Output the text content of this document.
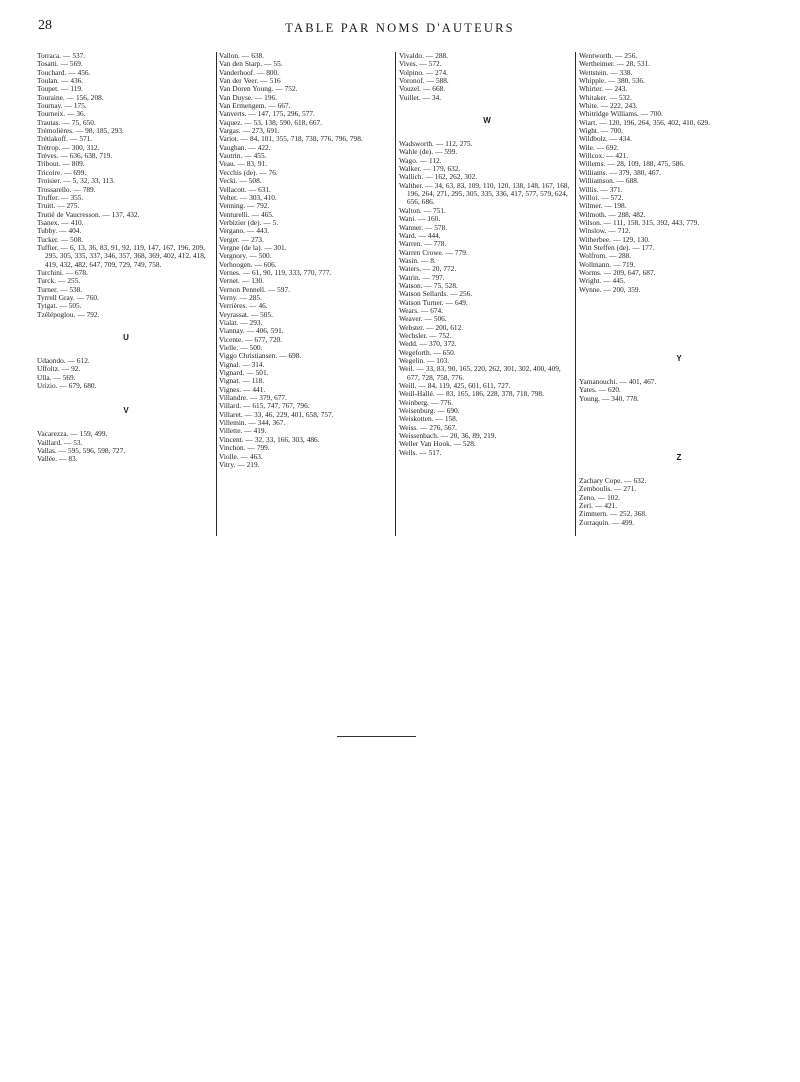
28	TABLE PAR NOMS D'AUTEURS
Torraca. — 537.
Tosatti. — 569.
Touchard. — 456.
Toulan. — 436.
Toupet. — 119.
Touraine. — 156, 208.
Tournay. — 175.
Tourneix. — 36.
Trautas. — 75, 650.
Trémolières. — 98, 185, 293.
Trétiakoff. — 571.
Trétrop. — 300, 312.
Trèves. — 636, 638, 719.
Tribout. — 809.
Tricoire. — 699.
Troisier. — 5, 32, 33, 113.
Trossarello. — 789.
Truffer. — 355.
Truitt. — 275.
Trutié de Vaucresson. — 137, 432.
Tsanex. — 410.
Tubby. — 404.
Tucker. — 508.
Tuffier. — 6, 13, 36, 83, 91, 92, 119, 147, 167, 196, 209, 295, 305, 335, 337, 346, 357, 368, 369, 402, 412, 418, 419, 432, 482, 647, 709, 729, 749, 758.
Turchini. — 678.
Turck. — 255.
Turner. — 538.
Tyrrell Gray. — 760.
Tytgat. — 505.
Tzélépoglou. — 792.
U
Udaondo. — 612.
Uffoltz. — 92.
Ulla. — 569.
Urizio. — 679, 680.
V
Vacarezza. — 159, 499.
Vaillard. — 53.
Vallas. — 595, 596, 598, 727.
Vallée. — 83.
Vallon. — 638.
Van den Starp. — 55.
Vanderhoof. — 800.
Van der Veer. — 516
Van Doren Young. — 752.
Van Duyse. — 196.
Van Ermengem. — 667.
Vanverts. — 147, 175, 296, 577.
Vaquez. — 53, 138, 590, 618, 667.
Vargas. — 273, 691.
Variot. — 84, 101, 355, 718, 738, 776, 796, 798.
Vaughan. — 422.
Vautrin. — 455.
Veau. — 83, 91.
Vecchis (de). — 76.
Vecki. — 508.
Vellacott. — 631.
Velter. — 303, 410.
Venning. — 792.
Venturelli. — 465.
Verbizier (de). — 5.
Vergano. — 443.
Verger. — 273.
Vergne (de la). — 301.
Vergnory. — 500.
Verhoogen. — 606.
Vernes. — 61, 90, 119, 333, 770, 777.
Vernet. — 130.
Vernon Pennell. — 597.
Verny. — 285.
Verrières. — 46.
Veyrassat. — 505.
Vialat. — 293.
Viannay. — 406, 591.
Vicente. — 677, 720.
Vielle. — 500.
Viggo Christiansen. — 698.
Vignal. — 314.
Vignard. — 501.
Vignat. — 118.
Vignes. — 441.
Villandre. — 379, 677.
Villard. — 615, 747, 767, 796.
Villaret. — 33, 46, 229, 401, 658, 757.
Villemin. — 344, 367.
Villette. — 419.
Vincent. — 32, 33, 166, 303, 486.
Vinchon. — 799.
Violle. — 463.
Vitry. — 219.
Vivaldo. — 288.
Vives. — 572.
Volpino. — 274.
Voronof. — 588.
Vouzel. — 668.
Vuillet. — 34.
W
Wadsworth. — 112, 275.
Wahle (de). — 599.
Wago. — 112.
Walker. — 179, 632.
Wallich. — 162, 262, 302.
Walther. — 34, 63, 83, 109, 110, 120, 138, 148, 167, 168, 196, 264, 271, 295, 305, 335, 336, 417, 577, 579, 624, 656, 686.
Walton. — 751.
Wani. — 160.
Wanner. — 578.
Ward. — 444.
Warren. — 778.
Warren Crowe. — 779.
Wasin. — 8.
Waters. — 20, 772.
Watrin. — 797.
Watson. — 75, 528.
Watson Sellards. — 256.
Watson Turner. — 649.
Wears. — 674.
Weaver. — 506.
Webster. — 200, 612.
Wechsler. — 752.
Wedd. — 370, 372.
Wegeforth. — 650.
Wegelin. — 103.
Weil. — 33, 83, 90, 165, 220, 262, 301, 302, 400, 409, 677, 728, 758, 776.
Weill. — 84, 119, 425, 601, 611, 727.
Weill-Hallé. — 83, 165, 186, 228, 378, 718, 798.
Weinberg. — 776.
Weisenburg. — 690.
Weiskotten. — 158.
Weiss. — 276, 567.
Weissenbach. — 20, 36, 89, 219.
Weller Van Hook. — 528.
Wells. — 517.
Wentworth. — 256.
Wertheimer. — 28, 531.
Wettstein. — 338.
Whipple. — 380, 536.
Whirter. — 243.
Whitaker. — 532.
White. — 222, 243.
Whitridge Williams. — 700.
Wiart. — 120, 196, 264, 356, 402, 410, 629.
Wight. — 700.
Wildbolz. — 434.
Wile. — 692.
Willcox. — 421.
Willems. — 28, 109, 188, 475, 586.
Williams. — 379, 380, 467.
Williamson. — 688.
Willis. — 371.
Willoi. — 572.
Wilmer. — 198.
Wilmoth. — 288, 482.
Wilson. — 111, 158, 315, 392, 443, 779.
Winslow. — 712.
Witherbee. — 129, 130.
Witt Steffen (de). — 177.
Wolfrom. — 288.
Wollmann. — 719.
Worms. — 209, 647, 687.
Wright. — 445.
Wynne. — 200, 359.
Y
Yamanouchi. — 401, 467.
Yates. — 620.
Young. — 340, 778.
Z
Zachary Cope. — 632.
Zemboulis. — 271.
Zeno. — 102.
Zeri. — 421.
Zimmern. — 252, 368.
Zorraquin. — 499.
